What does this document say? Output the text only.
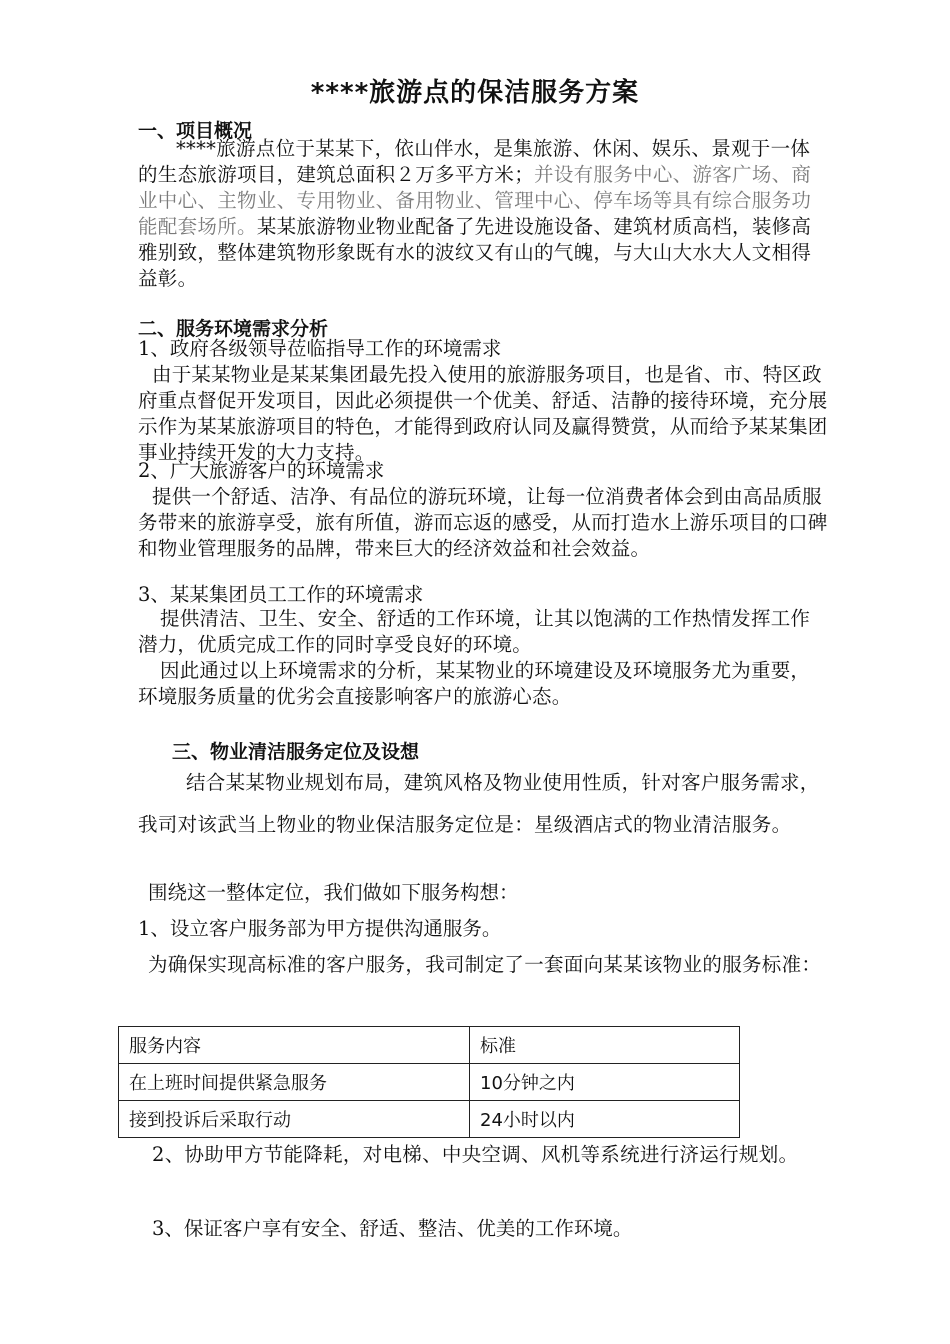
****旅游点的保洁服务方案
一、项目概况

****旅游点位于某某下，依山伴水，是集旅游、休闲、娱乐、景观于一体的生态旅游项目，建筑总面积２万多平方米；并设有服务中心、游客广场、商业中心、主物业、专用物业、备用物业、管理中心、停车场等具有综合服务功能配套场所。某某旅游物业物业配备了先进设施设备、建筑材质高档，装修高雅别致，整体建筑物形象既有水的波纹又有山的气魄，与大山大水大人文相得益彰。

二、服务环境需求分析
1、政府各级领导莅临指导工作的环境需求

由于某某物业是某某集团最先投入使用的旅游服务项目，也是省、市、特区政府重点督促开发项目，因此必须提供一个优美、舒适、洁静的接待环境，充分展示作为某某旅游项目的特色，才能得到政府认同及赢得赞赏，从而给予某某集团事业持续开发的大力支持。

2、广大旅游客户的环境需求

提供一个舒适、洁净、有品位的游玩环境，让每一位消费者体会到由高品质服务带来的旅游享受，旅有所值，游而忘返的感受，从而打造水上游乐项目的口碑和物业管理服务的品牌，带来巨大的经济效益和社会效益。

3、某某集团员工工作的环境需求

提供清洁、卫生、安全、舒适的工作环境，让其以饱满的工作热情发挥工作潜力，优质完成工作的同时享受良好的环境。

因此通过以上环境需求的分析，某某物业的环境建设及环境服务尤为重要，环境服务质量的优劣会直接影响客户的旅游心态。

三、物业清洁服务定位及设想

结合某某物业规划布局，建筑风格及物业使用性质，针对客户服务需求，我司对该武当上物业的物业保洁服务定位是：星级酒店式的物业清洁服务。

围绕这一整体定位，我们做如下服务构想：
1、设立客户服务部为甲方提供沟通服务。

为确保实现高标准的客户服务，我司制定了一套面向某某该物业的服务标准：

服务内容	标准
在上班时间提供紧急服务	10分钟之内
接到投诉后采取行动	24小时以内

2、协助甲方节能降耗，对电梯、中央空调、风机等系统进行济运行规划。

3、保证客户享有安全、舒适、整洁、优美的工作环境。
